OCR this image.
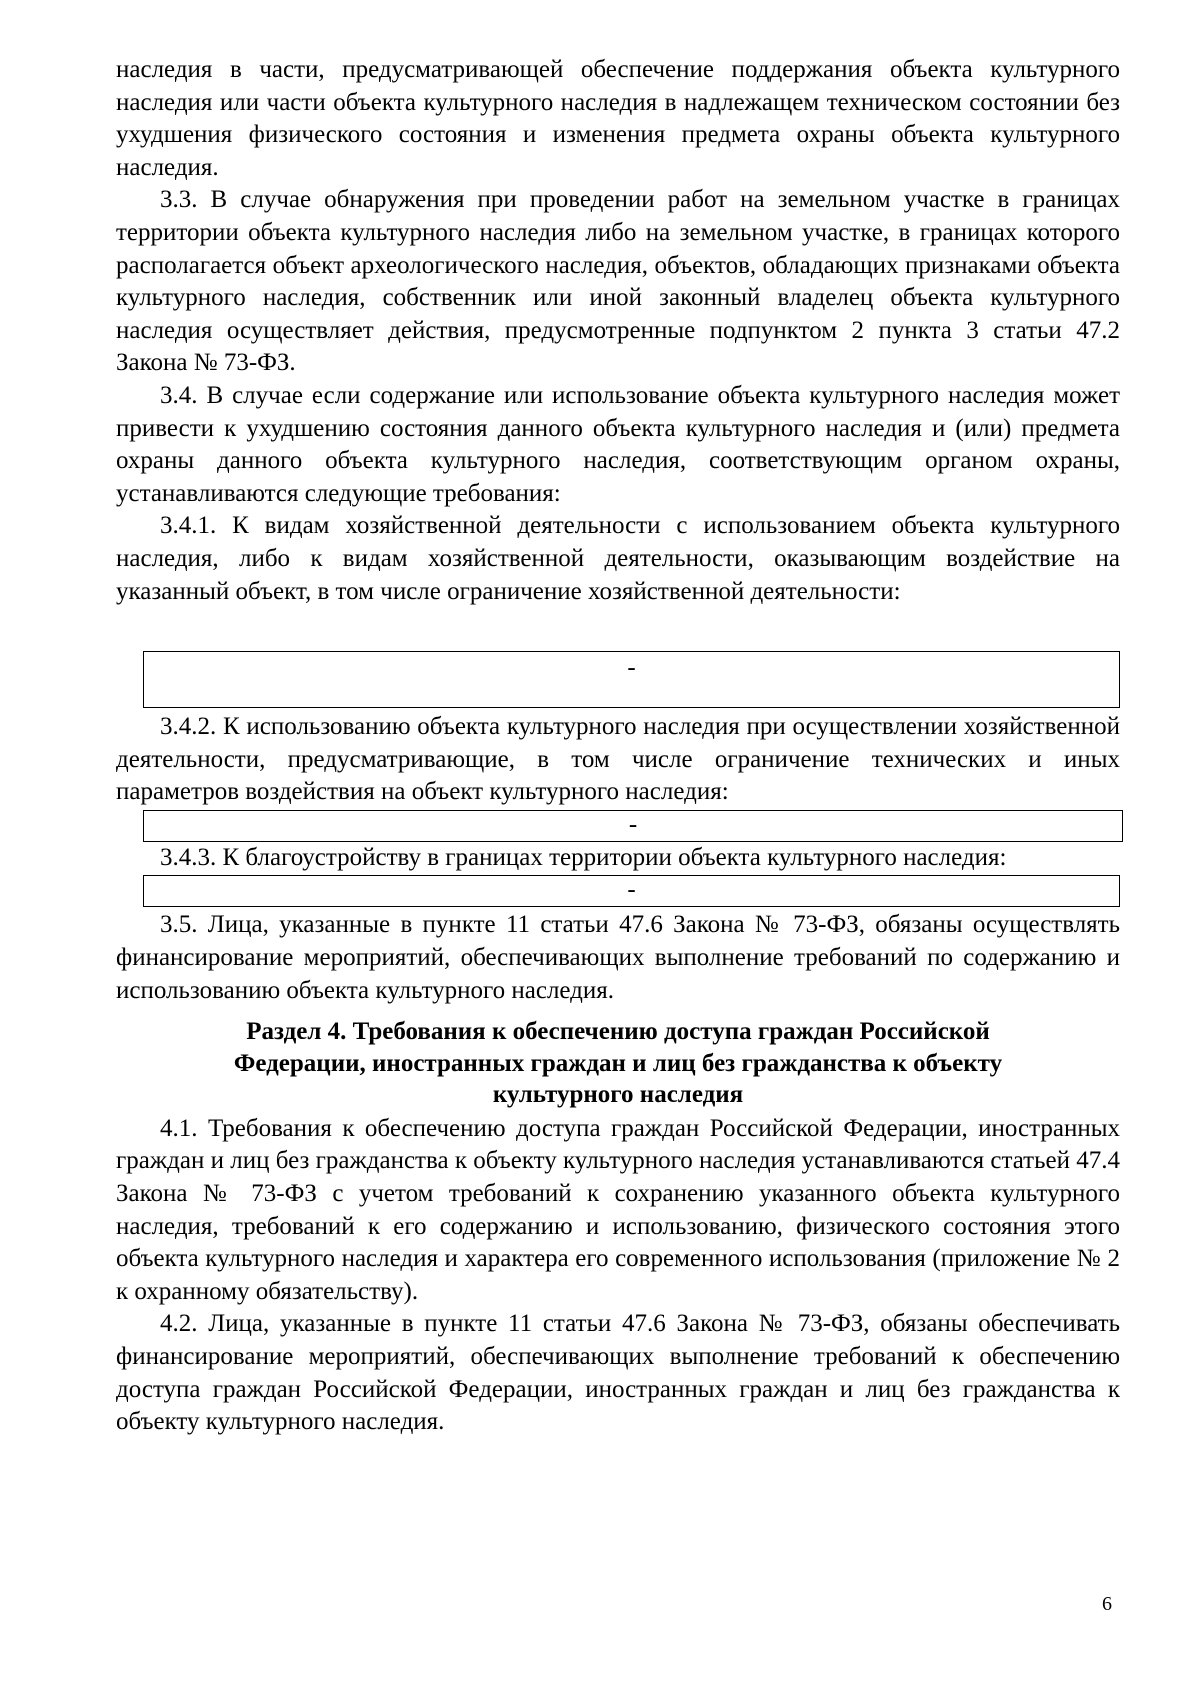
наследия в части, предусматривающей обеспечение поддержания объекта культурного наследия или части объекта культурного наследия в надлежащем техническом состоянии без ухудшения физического состояния и изменения предмета охраны объекта культурного наследия.

3.3. В случае обнаружения при проведении работ на земельном участке в границах территории объекта культурного наследия либо на земельном участке, в границах которого располагается объект археологического наследия, объектов, обладающих признаками объекта культурного наследия, собственник или иной законный владелец объекта культурного наследия осуществляет действия, предусмотренные подпунктом 2 пункта 3 статьи 47.2 Закона № 73-ФЗ.

3.4. В случае если содержание или использование объекта культурного наследия может привести к ухудшению состояния данного объекта культурного наследия и (или) предмета охраны данного объекта культурного наследия, соответствующим органом охраны, устанавливаются следующие требования:

3.4.1. К видам хозяйственной деятельности с использованием объекта культурного наследия, либо к видам хозяйственной деятельности, оказывающим воздействие на указанный объект, в том числе ограничение хозяйственной деятельности:

-

3.4.2. К использованию объекта культурного наследия при осуществлении хозяйственной деятельности, предусматривающие, в том числе ограничение технических и иных параметров воздействия на объект культурного наследия:

-

3.4.3. К благоустройству в границах территории объекта культурного наследия:

-

3.5. Лица, указанные в пункте 11 статьи 47.6 Закона № 73-ФЗ, обязаны осуществлять финансирование мероприятий, обеспечивающих выполнение требований по содержанию и использованию объекта культурного наследия.

Раздел 4. Требования к обеспечению доступа граждан Российской
Федерации, иностранных граждан и лиц без гражданства к объекту
культурного наследия

4.1. Требования к обеспечению доступа граждан Российской Федерации, иностранных граждан и лиц без гражданства к объекту культурного наследия устанавливаются статьей 47.4 Закона № 73-ФЗ с учетом требований к сохранению указанного объекта культурного наследия, требований к его содержанию и использованию, физического состояния этого объекта культурного наследия и характера его современного использования (приложение № 2 к охранному обязательству).

4.2. Лица, указанные в пункте 11 статьи 47.6 Закона № 73-ФЗ, обязаны обеспечивать финансирование мероприятий, обеспечивающих выполнение требований к обеспечению доступа граждан Российской Федерации, иностранных граждан и лиц без гражданства к объекту культурного наследия.

6
